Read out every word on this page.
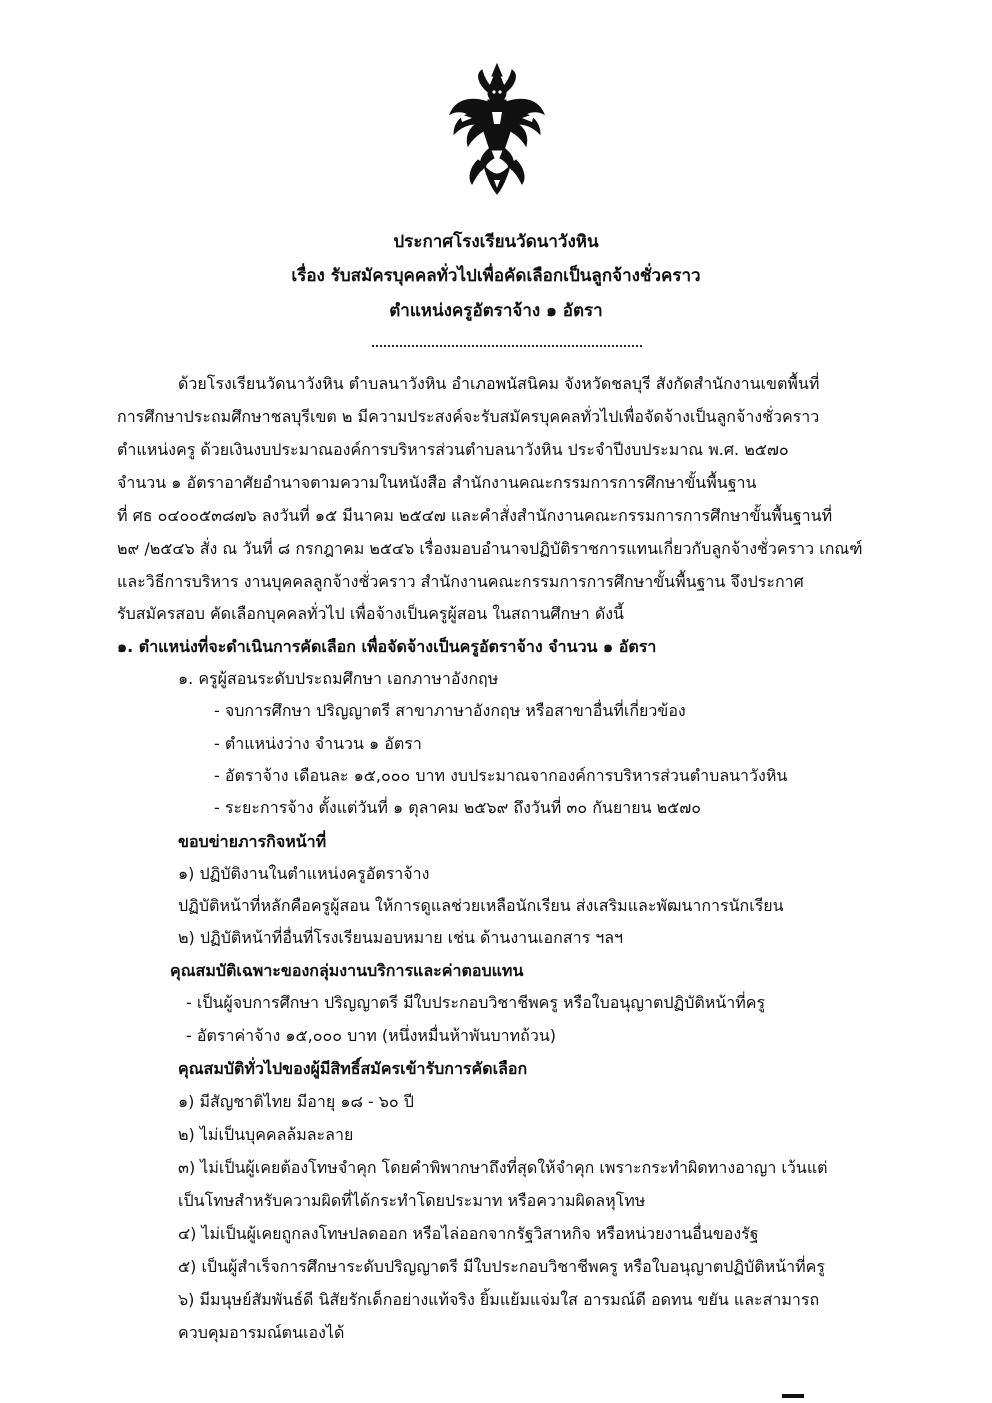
ประกาศโรงเรียนวัดนาวังหิน
เรื่อง รับสมัครบุคคลทั่วไปเพื่อคัดเลือกเป็นลูกจ้างชั่วคราว
ตำแหน่งครูอัตราจ้าง ๑ อัตรา
ด้วยโรงเรียนวัดนาวังหิน ตำบลนาวังหิน อำเภอพนัสนิคม จังหวัดชลบุรี สังกัดสำนักงานเขตพื้นที่
การศึกษาประถมศึกษาชลบุรีเขต ๒ มีความประสงค์จะรับสมัครบุคคลทั่วไปเพื่อจัดจ้างเป็นลูกจ้างชั่วคราว
ตำแหน่งครู ด้วยเงินงบประมาณองค์การบริหารส่วนตำบลนาวังหิน ประจำปีงบประมาณ พ.ศ. ๒๕๗๐
จำนวน ๑ อัตราอาศัยอำนาจตามความในหนังสือ สำนักงานคณะกรรมการการศึกษาขั้นพื้นฐาน
ที่ ศธ ๐๔๐๐๕๓๘๗๖ ลงวันที่ ๑๕ มีนาคม ๒๕๔๗ และคำสั่งสำนักงานคณะกรรมการการศึกษาขั้นพื้นฐานที่
๒๙ /๒๕๔๖ สั่ง ณ วันที่ ๘ กรกฎาคม ๒๕๔๖ เรื่องมอบอำนาจปฏิบัติราชการแทนเกี่ยวกับลูกจ้างชั่วคราว เกณฑ์
และวิธีการบริหาร งานบุคคลลูกจ้างชั่วคราว สำนักงานคณะกรรมการการศึกษาขั้นพื้นฐาน จึงประกาศ
รับสมัครสอบ คัดเลือกบุคคลทั่วไป เพื่อจ้างเป็นครูผู้สอน ในสถานศึกษา ดังนี้
๑. ตำแหน่งที่จะดำเนินการคัดเลือก เพื่อจัดจ้างเป็นครูอัตราจ้าง จำนวน ๑ อัตรา
๑. ครูผู้สอนระดับประถมศึกษา เอกภาษาอังกฤษ
- จบการศึกษา ปริญญาตรี สาขาภาษาอังกฤษ หรือสาขาอื่นที่เกี่ยวข้อง
- ตำแหน่งว่าง จำนวน ๑ อัตรา
- อัตราจ้าง เดือนละ ๑๕,๐๐๐ บาท งบประมาณจากองค์การบริหารส่วนตำบลนาวังหิน
- ระยะการจ้าง ตั้งแต่วันที่ ๑ ตุลาคม ๒๕๖๙ ถึงวันที่ ๓๐ กันยายน ๒๕๗๐
ขอบข่ายภารกิจหน้าที่
๑) ปฏิบัติงานในตำแหน่งครูอัตราจ้าง
ปฏิบัติหน้าที่หลักคือครูผู้สอน ให้การดูแลช่วยเหลือนักเรียน ส่งเสริมและพัฒนาการนักเรียน
๒) ปฏิบัติหน้าที่อื่นที่โรงเรียนมอบหมาย เช่น ด้านงานเอกสาร ฯลฯ
คุณสมบัติเฉพาะของกลุ่มงานบริการและค่าตอบแทน
- เป็นผู้จบการศึกษา ปริญญาตรี มีใบประกอบวิชาชีพครู หรือใบอนุญาตปฏิบัติหน้าที่ครู
- อัตราค่าจ้าง ๑๕,๐๐๐ บาท (หนึ่งหมื่นห้าพันบาทถ้วน)
คุณสมบัติทั่วไปของผู้มีสิทธิ์สมัครเข้ารับการคัดเลือก
๑) มีสัญชาติไทย มีอายุ ๑๘ - ๖๐ ปี
๒) ไม่เป็นบุคคลล้มละลาย
๓) ไม่เป็นผู้เคยต้องโทษจำคุก โดยคำพิพากษาถึงที่สุดให้จำคุก เพราะกระทำผิดทางอาญา เว้นแต่
เป็นโทษสำหรับความผิดที่ได้กระทำโดยประมาท หรือความผิดลหุโทษ
๔) ไม่เป็นผู้เคยถูกลงโทษปลดออก หรือไล่ออกจากรัฐวิสาหกิจ หรือหน่วยงานอื่นของรัฐ
๕) เป็นผู้สำเร็จการศึกษาระดับปริญญาตรี มีใบประกอบวิชาชีพครู หรือใบอนุญาตปฏิบัติหน้าที่ครู
๖) มีมนุษย์สัมพันธ์ดี นิสัยรักเด็กอย่างแท้จริง ยิ้มแย้มแจ่มใส อารมณ์ดี อดทน ขยัน และสามารถ
ควบคุมอารมณ์ตนเองได้
